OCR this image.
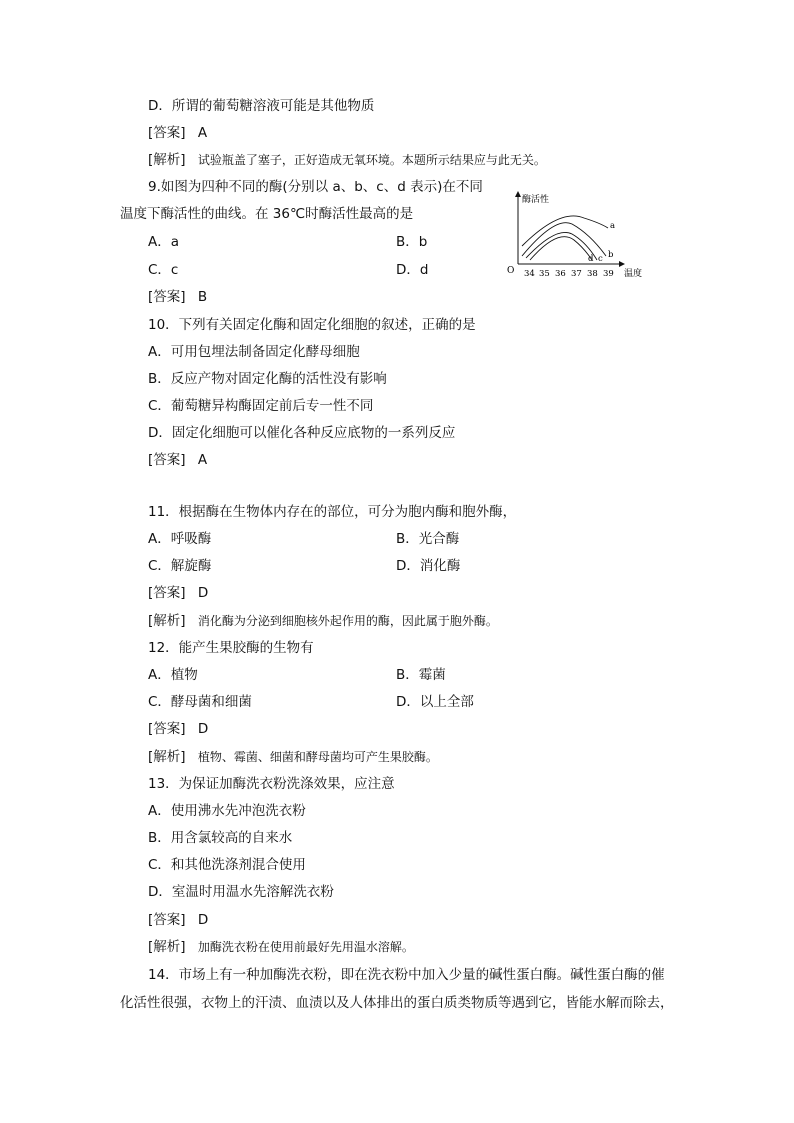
D．所谓的葡萄糖溶液可能是其他物质
[答案] A
[解析] 试验瓶盖了塞子，正好造成无氧环境。本题所示结果应与此无关。
9.如图为四种不同的酶(分别以 a、b、c、d 表示)在不同
温度下酶活性的曲线。在 36℃时酶活性最高的是
A．a	B．b
C．c	D．d
[答案] B
酶活性
温度
O 34 35 36 37 38 39
a
b
c
d
10．下列有关固定化酶和固定化细胞的叙述，正确的是
A．可用包埋法制备固定化酵母细胞
B．反应产物对固定化酶的活性没有影响
C．葡萄糖异构酶固定前后专一性不同
D．固定化细胞可以催化各种反应底物的一系列反应
[答案] A
11．根据酶在生物体内存在的部位，可分为胞内酶和胞外酶，
A．呼吸酶	B．光合酶
C．解旋酶	D．消化酶
[答案] D
[解析] 消化酶为分泌到细胞核外起作用的酶，因此属于胞外酶。
12．能产生果胶酶的生物有
A．植物	B．霉菌
C．酵母菌和细菌	D．以上全部
[答案] D
[解析] 植物、霉菌、细菌和酵母菌均可产生果胶酶。
13．为保证加酶洗衣粉洗涤效果，应注意
A．使用沸水先冲泡洗衣粉
B．用含氯较高的自来水
C．和其他洗涤剂混合使用
D．室温时用温水先溶解洗衣粉
[答案] D
[解析] 加酶洗衣粉在使用前最好先用温水溶解。
14．市场上有一种加酶洗衣粉，即在洗衣粉中加入少量的碱性蛋白酶。碱性蛋白酶的催
化活性很强，衣物上的汗渍、血渍以及人体排出的蛋白质类物质等遇到它，皆能水解而除去，
